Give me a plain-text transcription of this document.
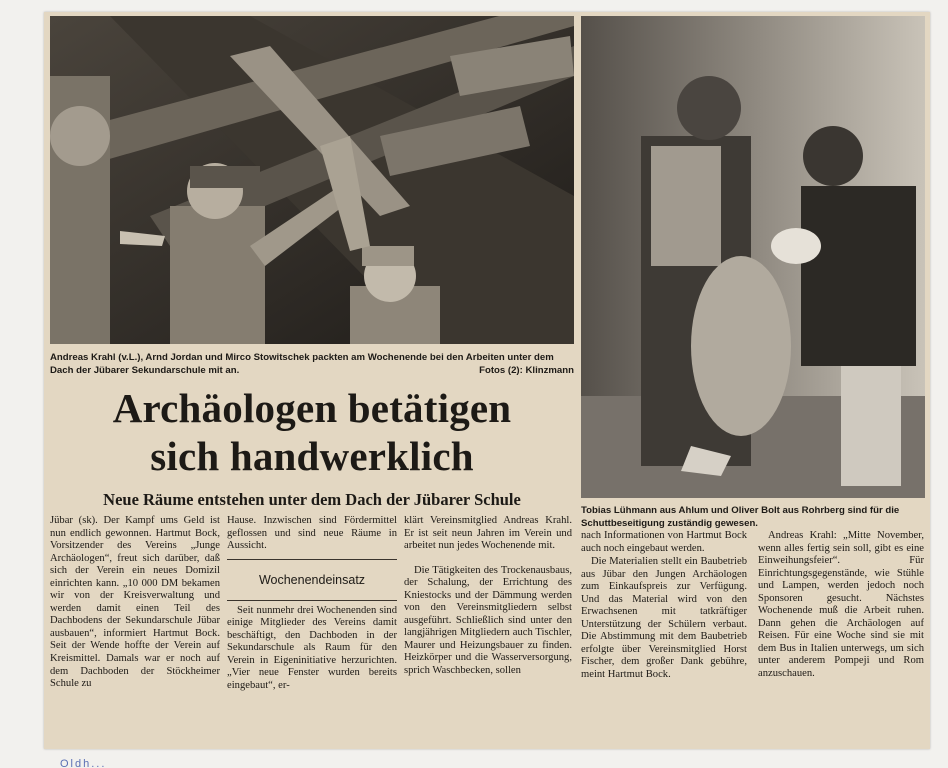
Andreas Krahl (v.L.), Arnd Jordan und Mirco Stowitschek packten am Wochenende bei den Arbeiten unter dem Dach der Jübarer Sekundarschule mit an.	Fotos (2): Klinzmann
Tobias Lühmann aus Ahlum und Oliver Bolt aus Rohrberg sind für die Schuttbeseitigung zuständig gewesen.
Archäologen betätigen
sich handwerklich
Neue Räume entstehen unter dem Dach der Jübarer Schule

Jübar (sk). Der Kampf ums Geld ist nun endlich gewonnen. Hartmut Bock, Vorsitzender des Vereins „Junge Archäologen“, freut sich darüber, daß sich der Verein ein neues Domizil einrichten kann. „10 000 DM bekamen wir von der Kreisverwaltung und werden damit einen Teil des Dachbodens der Sekundarschule Jübar ausbauen“, informiert Hartmut Bock. Seit der Wende hoffte der Verein auf Kreismittel. Damals war er noch auf dem Dachboden der Stöckheimer Schule zu

Hause. Inzwischen sind Fördermittel geflossen und sind neue Räume in Aussicht.

Wochenendeinsatz

Seit nunmehr drei Wochenenden sind einige Mitglieder des Vereins damit beschäftigt, den Dachboden in der Sekundarschule als Raum für den Verein in Eigeninitiative herzurichten. „Vier neue Fenster wurden bereits eingebaut“, er-

klärt Vereinsmitglied Andreas Krahl. Er ist seit neun Jahren im Verein und arbeitet nun jedes Wochenende mit.

Die Tätigkeiten des Trockenausbaus, der Schalung, der Errichtung des Kniestocks und der Dämmung werden von den Vereinsmitgliedern selbst ausgeführt. Schließlich sind unter den langjährigen Mitgliedern auch Tischler, Maurer und Heizungsbauer zu finden. Heizkörper und die Wasserversorgung, sprich Waschbecken, sollen

nach Informationen von Hartmut Bock auch noch eingebaut werden.

Die Materialien stellt ein Baubetrieb aus Jübar den Jungen Archäologen zum Einkaufspreis zur Verfügung. Und das Material wird von den Erwachsenen mit tatkräftiger Unterstützung der Schülern verbaut. Die Abstimmung mit dem Baubetrieb erfolgte über Vereinsmitglied Horst Fischer, dem großer Dank gebühre, meint Hartmut Bock.

Andreas Krahl: „Mitte November, wenn alles fertig sein soll, gibt es eine Einweihungsfeier“. Für Einrichtungsgegenstände, wie Stühle und Lampen, werden jedoch noch Sponsoren gesucht. Nächstes Wochenende muß die Arbeit ruhen. Dann gehen die Archäologen auf Reisen. Für eine Woche sind sie mit dem Bus in Italien unterwegs, um sich unter anderem Pompeji und Rom anzuschauen.

Oldh...
